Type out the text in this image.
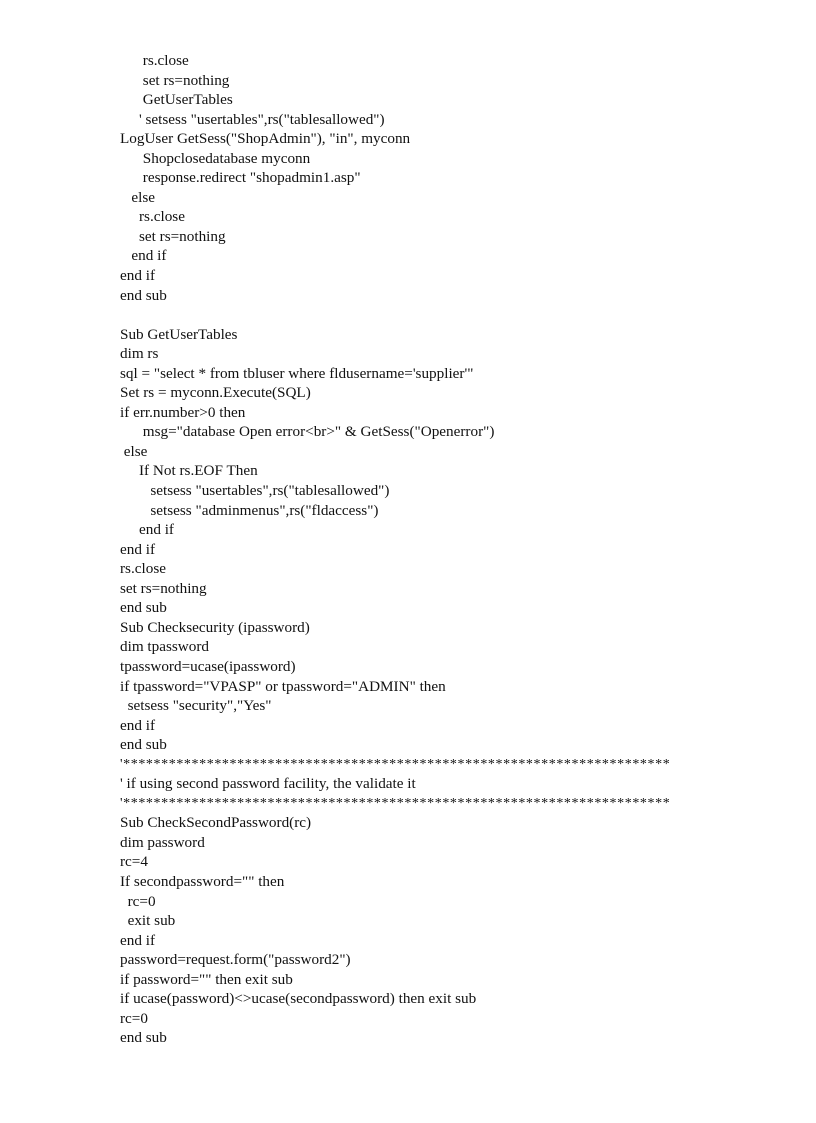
rs.close
set rs=nothing
GetUserTables
' setsess "usertables",rs("tablesallowed")
LogUser GetSess("ShopAdmin"), "in", myconn
Shopclosedatabase myconn
response.redirect "shopadmin1.asp"
else
rs.close
set rs=nothing
end if
end if
end sub
Sub GetUserTables
dim rs
sql = "select * from tbluser where fldusername='supplier'"
Set rs = myconn.Execute(SQL)
if err.number>0 then
msg="database Open error<br>" & GetSess("Openerror")
else
If Not rs.EOF Then
setsess "usertables",rs("tablesallowed")
setsess "adminmenus",rs("fldaccess")
end if
end if
rs.close
set rs=nothing
end sub
Sub Checksecurity (ipassword)
dim tpassword
tpassword=ucase(ipassword)
if tpassword="VPASP" or tpassword="ADMIN" then
setsess "security","Yes"
end if
end sub
'************************************************************************
' if using second password facility, the validate it
'************************************************************************
Sub CheckSecondPassword(rc)
dim password
rc=4
If secondpassword="" then
rc=0
exit sub
end if
password=request.form("password2")
if password="" then exit sub
if ucase(password)<>ucase(secondpassword) then exit sub
rc=0
end sub
